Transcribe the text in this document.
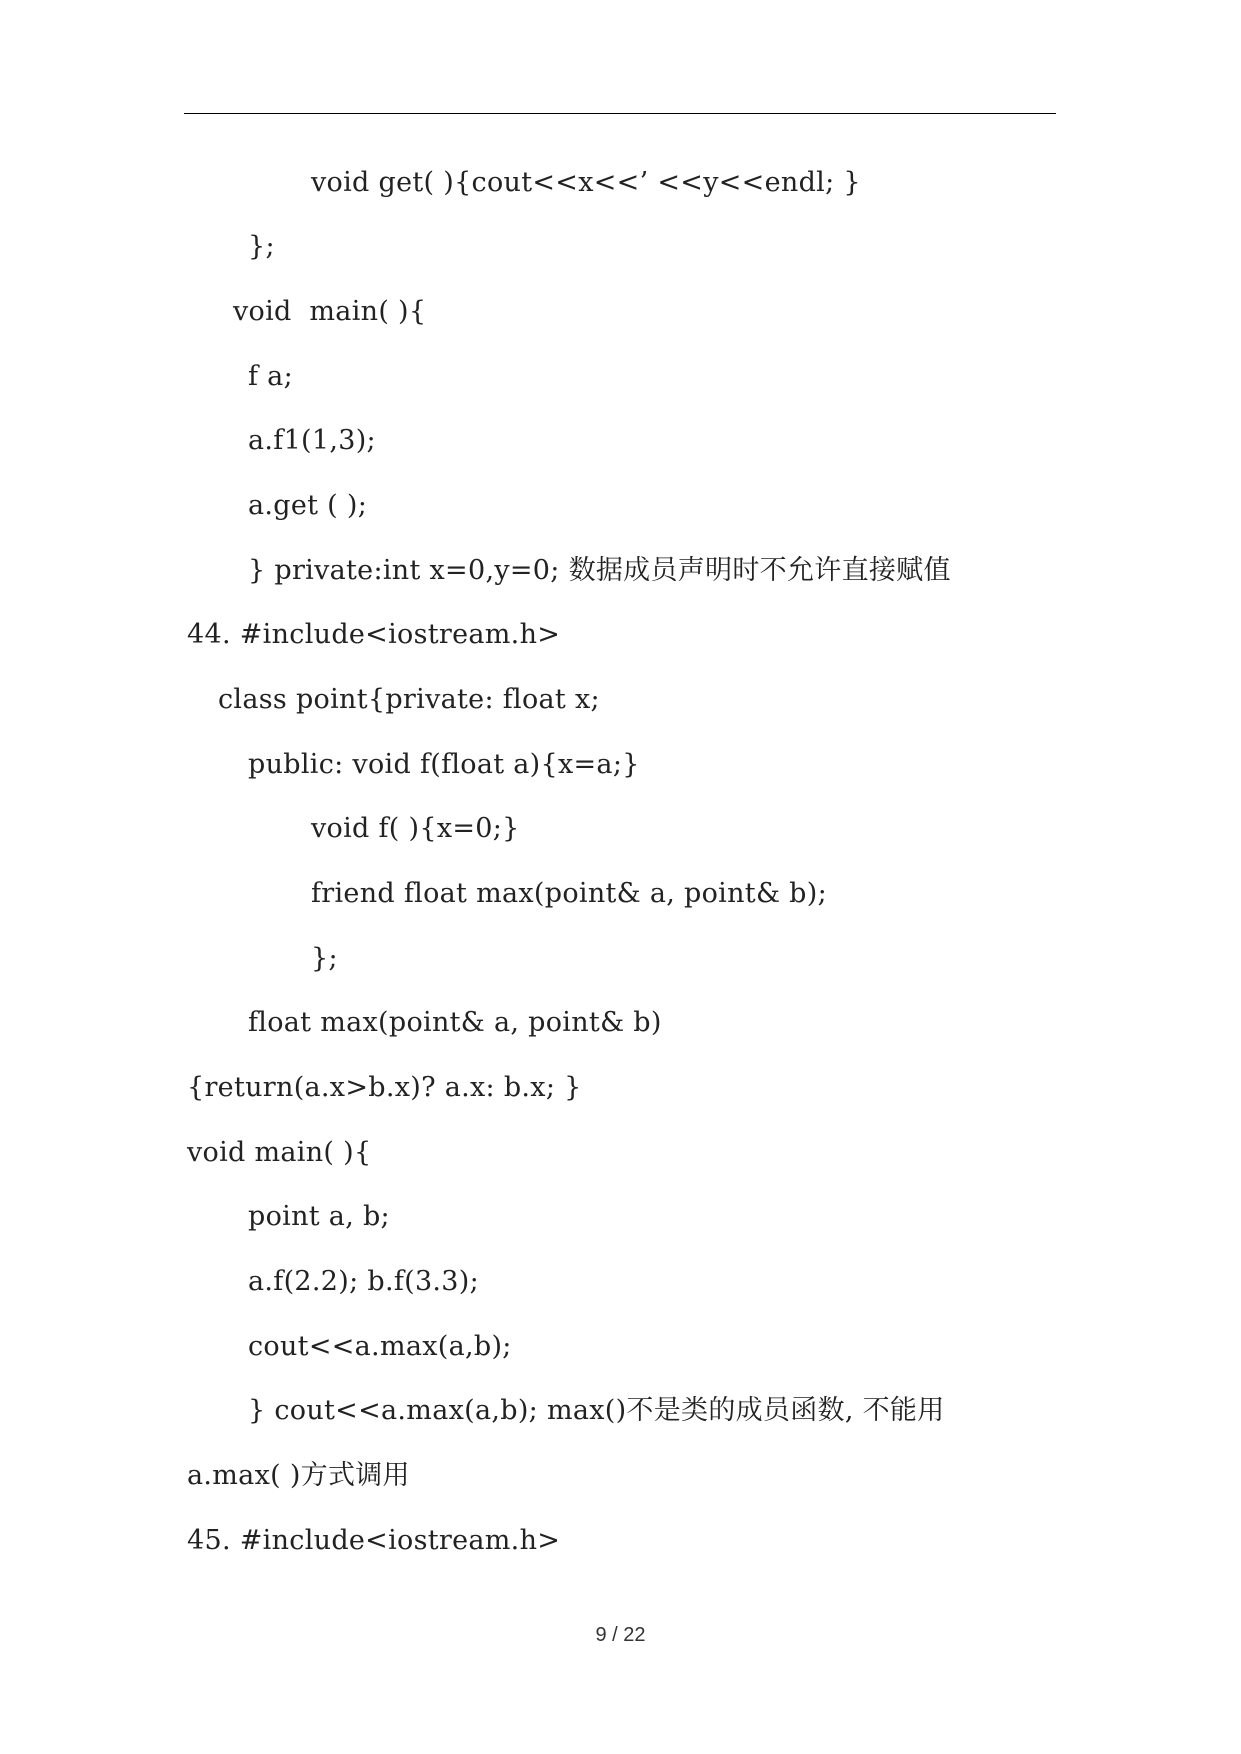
void get( ){cout<<x<<’ <<y<<endl; }
};
void  main( ){
f a;
a.f1(1,3);
a.get ( );
} private:int x=0,y=0; 数据成员声明时不允许直接赋值
44. #include<iostream.h>
class point{private: float x;
public: void f(float a){x=a;}
void f( ){x=0;}
friend float max(point& a, point& b);
};
float max(point& a, point& b)
{return(a.x>b.x)? a.x: b.x; }
void main( ){
point a, b;
a.f(2.2); b.f(3.3);
cout<<a.max(a,b);
} cout<<a.max(a,b); max()不是类的成员函数, 不能用
a.max( )方式调用
45. #include<iostream.h>
9 / 22
